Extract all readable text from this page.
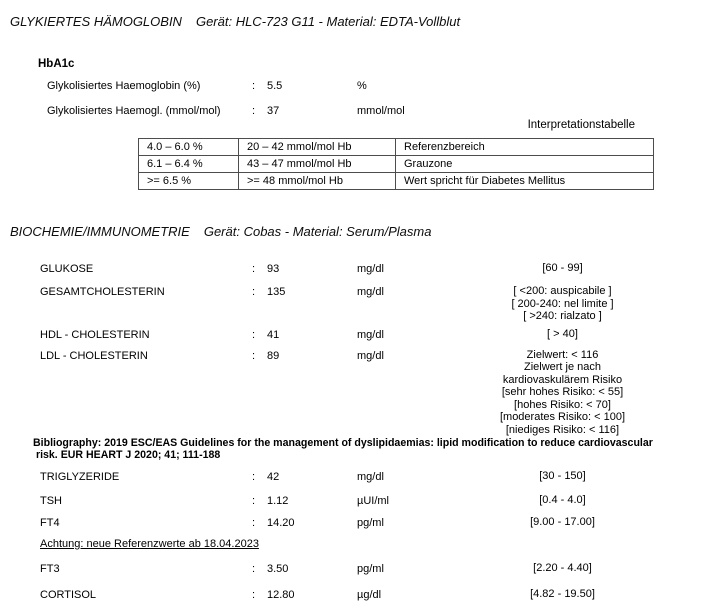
GLYKIERTES HÄMOGLOBIN Gerät: HLC-723 G11 - Material: EDTA-Vollblut
HbA1c
Glykolisiertes Haemoglobin (%)	:	5.5	%
Glykolisiertes Haemogl. (mmol/mol)	:	37	mmol/mol
Interpretationstabelle
4.0 – 6.0 %	20 – 42 mmol/mol Hb	Referenzbereich
6.1 – 6.4 %	43 – 47 mmol/mol Hb	Grauzone
>= 6.5 %	>= 48 mmol/mol Hb	Wert spricht für Diabetes Mellitus
BIOCHEMIE/IMMUNOMETRIE Gerät: Cobas - Material: Serum/Plasma
GLUKOSE	:	93	mg/dl	[60 - 99]
GESAMTCHOLESTERIN	:	135	mg/dl	[ <200: auspicabile ]
[ 200-240: nel limite ]
[ >240: rialzato ]
HDL - CHOLESTERIN	:	41	mg/dl	[ > 40]
LDL - CHOLESTERIN	:	89	mg/dl	Zielwert: < 116
Zielwert je nach
kardiovaskulärem Risiko
[sehr hohes Risiko: < 55]
[hohes Risiko: < 70]
[moderates Risiko: < 100]
[niediges Risiko: < 116]
Bibliography: 2019 ESC/EAS Guidelines for the management of dyslipidaemias: lipid modification to reduce cardiovascular
risk. EUR HEART J 2020; 41; 111-188
TRIGLYZERIDE	:	42	mg/dl	[30 - 150]
TSH	:	1.12	µUI/ml	[0.4 - 4.0]
FT4	:	14.20	pg/ml	[9.00 - 17.00]
Achtung: neue Referenzwerte ab 18.04.2023
FT3	:	3.50	pg/ml	[2.20 - 4.40]
CORTISOL	:	12.80	µg/dl	[4.82 - 19.50]
